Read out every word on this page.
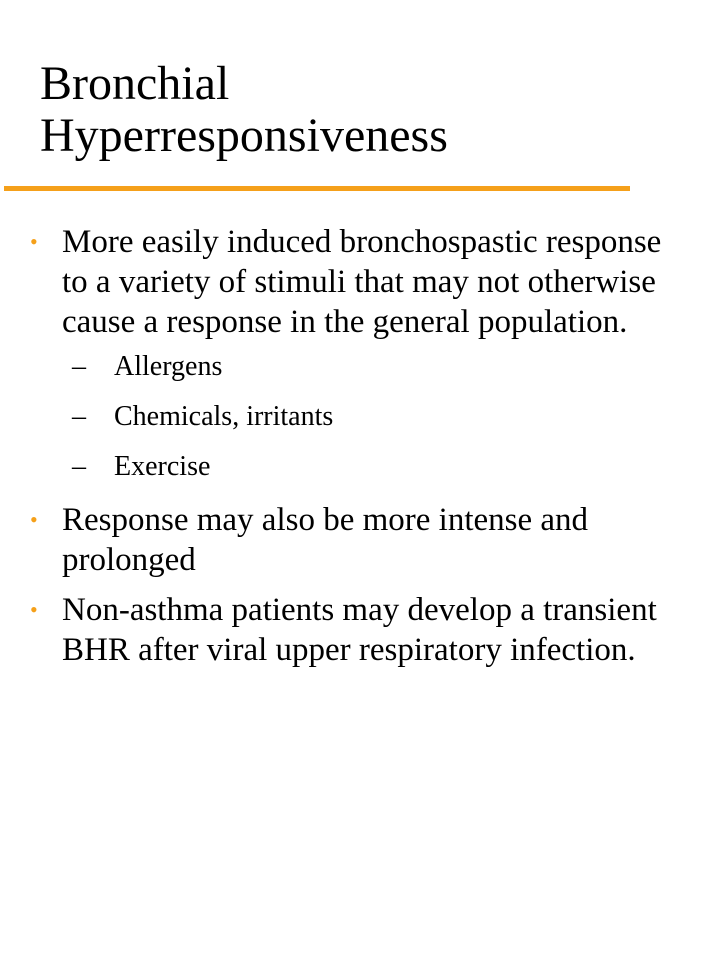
Bronchial
Hyperresponsiveness
• More easily induced bronchospastic response to a variety of stimuli that may not otherwise cause a response in the general population.
–	Allergens
–	Chemicals, irritants
–	Exercise
• Response may also be more intense and prolonged
• Non-asthma patients may develop a transient BHR after viral upper respiratory infection.
